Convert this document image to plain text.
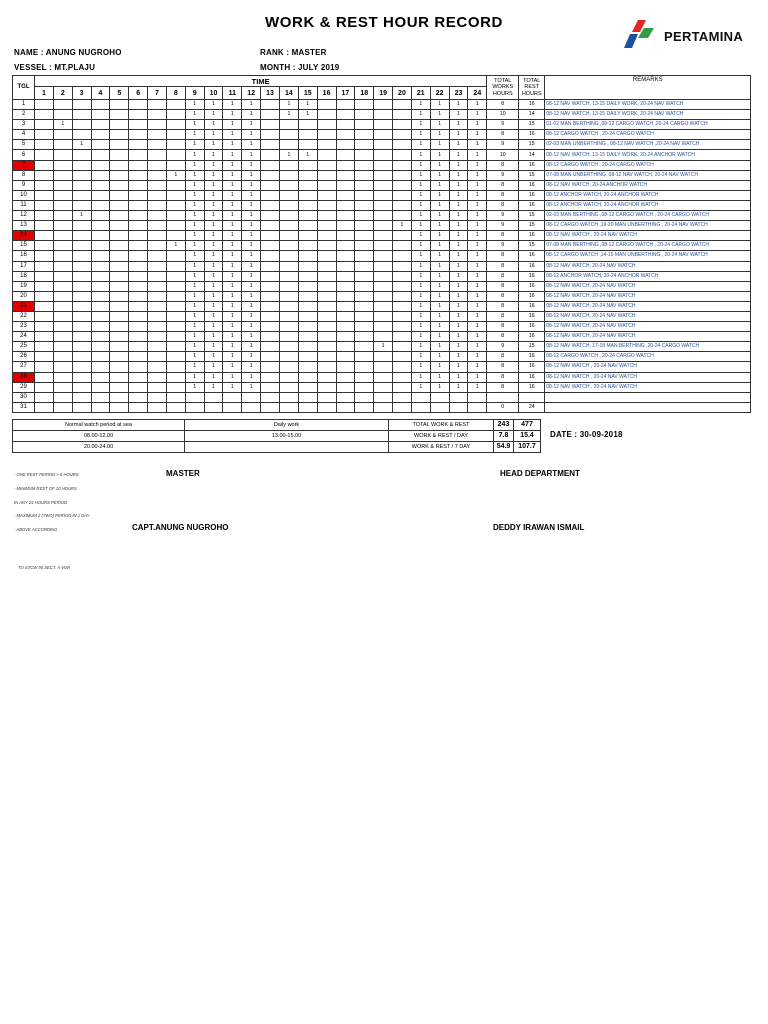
WORK & REST HOUR RECORD
PERTAMINA
NAME : ANUNG NUGROHO
VESSEL : MT.PLAJU
RANK : MASTER
MONTH : JULY 2019
TGL	TIME																								TOTAL WORKS HOURS	TOTAL REST HOURS	REMARKS
	1	2	3	4	5	6	7	8	9	10	11	12	13	14	15	16	17	18	19	20	21	22	23	24			
1									1	1	1	1		1	1						1	1	1	1	8	16	08-12 NAV WATCH, 13-15 DAILY WORK, 20-24 NAV WATCH
2									1	1	1	1		1	1						1	1	1	1	10	14	08-12 NAV WATCH, 13-15 DAILY WORK, 20-24 NAV WATCH
3		1							1	1	1	1									1	1	1	1	9	15	01-02 MAN BERTHING ,08-12 CARGO WATCH ,20-24 CARGO WATCH
4									1	1	1	1									1	1	1	1	8	16	08-12 CARGO WATCH , 20-24 CARGO WATCH
5			1						1	1	1	1									1	1	1	1	9	15	02-03 MAN UNBERTHING , 08-12 NAV WATCH ,20-24 NAV WATCH
6									1	1	1	1		1	1						1	1	1	1	10	14	08-12 NAV WATCH, 13-15 DAILY WORK, 20-24 ANCHOR WATCH
7									1	1	1	1									1	1	1	1	8	16	08-12 CARGO WATCH , 20-24 CARGO WATCH
8								1	1	1	1	1									1	1	1	1	9	15	07-08 MAN UNBERTHING ,08-12 NAV WATCH, 20-24 NAV WATCH
9									1	1	1	1									1	1	1	1	8	16	08-12 NAV WATCH, 20-24 ANCHOR WATCH
10									1	1	1	1									1	1	1	1	8	16	08-12 ANCHOR WATCH, 20-24 ANCHOR WATCH
11									1	1	1	1									1	1	1	1	8	16	08-12 ANCHOR WATCH, 20-24 ANCHOR WATCH
12			1						1	1	1	1									1	1	1	1	9	15	02-03 MAN BERTHING ,08-12 CARGO WATCH , 20-24 CARGO WATCH
13									1	1	1	1								1	1	1	1	1	9	15	08-12 CARGO WATCH ,19-20 MAN UNBERTHING , 20-24 NAV WATCH
14									1	1	1	1									1	1	1	1	8	16	08-12 NAV WATCH , 20-24 NAV WATCH
15								1	1	1	1	1									1	1	1	1	9	15	07-08 MAN BERTHING ,08-12 CARGO WATCH , 20-24 CARGO WATCH
16									1	1	1	1									1	1	1	1	8	16	08-12 CARGO WATCH ,14-15 MAN UNBERTHING , 20-24 NAV WATCH
17									1	1	1	1									1	1	1	1	8	16	08-12 NAV WATCH, 20-24 NAV WATCH
18									1	1	1	1									1	1	1	1	8	16	08-12 ANCHOR WATCH, 20-24 ANCHOR WATCH
19									1	1	1	1									1	1	1	1	8	16	08-12 NAV WATCH, 20-24 NAV WATCH
20									1	1	1	1									1	1	1	1	8	16	08-12 NAV WATCH, 20-24 NAV WATCH
21									1	1	1	1									1	1	1	1	8	16	08-12 NAV WATCH, 20-24 NAV WATCH
22									1	1	1	1									1	1	1	1	8	16	08-12 NAV WATCH, 20-24 NAV WATCH
23									1	1	1	1									1	1	1	1	8	16	08-12 NAV WATCH, 20-24 NAV WATCH
24									1	1	1	1									1	1	1	1	8	16	08-12 NAV WATCH, 20-24 NAV WATCH
25									1	1	1	1							1		1	1	1	1	9	15	08-12 NAV WATCH, 17-18 MAN BERTHING ,20-24 CARGO WATCH
26									1	1	1	1									1	1	1	1	8	16	08-12 CARGO WATCH , 20-24 CARGO WATCH
27									1	1	1	1									1	1	1	1	8	16	08-12 NAV WATCH , 20-24 NAV WATCH
28									1	1	1	1									1	1	1	1	8	16	08-12 NAV WATCH , 20-24 NAV WATCH
29									1	1	1	1									1	1	1	1	8	16	08-12 NAV WATCH , 20-24 NAV WATCH
30																											
31																									0	24	
Normal watch period at sea	Daily work	TOTAL WORK & REST	243	477
08.00-12.00	13.00-15.00	WORK & REST / DAY	7.8	15.4
20.00-24.00		WORK & REST / 7 DAY	54.9	107.7
DATE : 30-09-2018
- ONE REST PERIOD > 6 HOURS
- MINIMUM REST OF 10 HOURS
IN ANY 24 HOURS PERIOD
- MAXIMUM 2 (TWO) PERIOD IN 1 DAY
- ABOVE ACCORDING
TO STCW 95 SECT. A-VIII/I
MASTER
CAPT.ANUNG NUGROHO
HEAD DEPARTMENT
DEDDY IRAWAN ISMAIL
